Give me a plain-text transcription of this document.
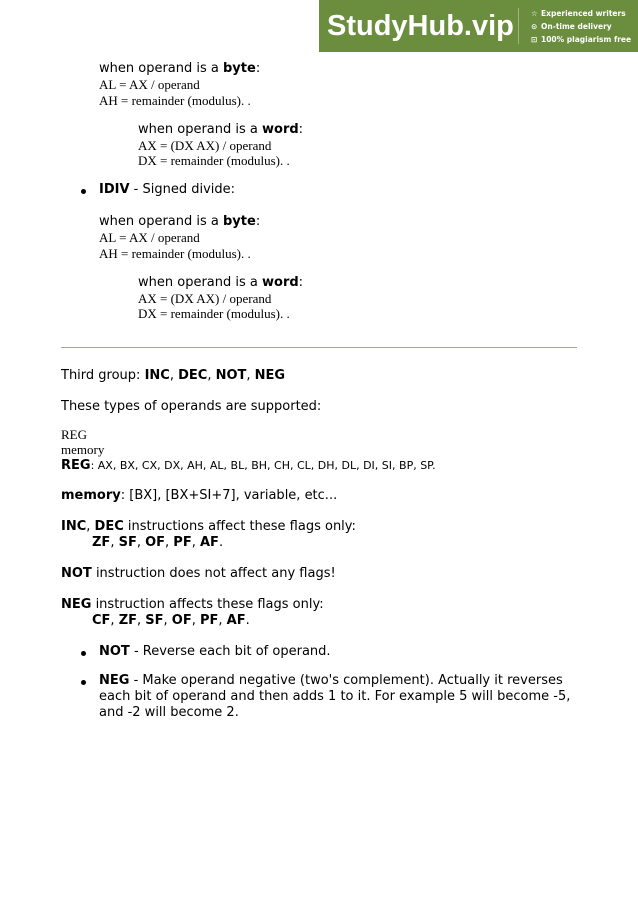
StudyHub.vip ☆ Experienced writers
⊙ On-time delivery
⊡ 100% plagiarism free
when operand is a byte:
AL = AX / operand
AH = remainder (modulus). .
when operand is a word:
AX = (DX AX) / operand
DX = remainder (modulus). .
IDIV - Signed divide:
when operand is a byte:
AL = AX / operand
AH = remainder (modulus). .
when operand is a word:
AX = (DX AX) / operand
DX = remainder (modulus). .
Third group: INC, DEC, NOT, NEG
These types of operands are supported:
REG
memory
REG: AX, BX, CX, DX, AH, AL, BL, BH, CH, CL, DH, DL, DI, SI, BP, SP.
memory: [BX], [BX+SI+7], variable, etc...
INC, DEC instructions affect these flags only:
ZF, SF, OF, PF, AF.
NOT instruction does not affect any flags!
NEG instruction affects these flags only:
CF, ZF, SF, OF, PF, AF.
NOT - Reverse each bit of operand.
NEG - Make operand negative (two's complement). Actually it reverses
each bit of operand and then adds 1 to it. For example 5 will become -5,
and -2 will become 2.
